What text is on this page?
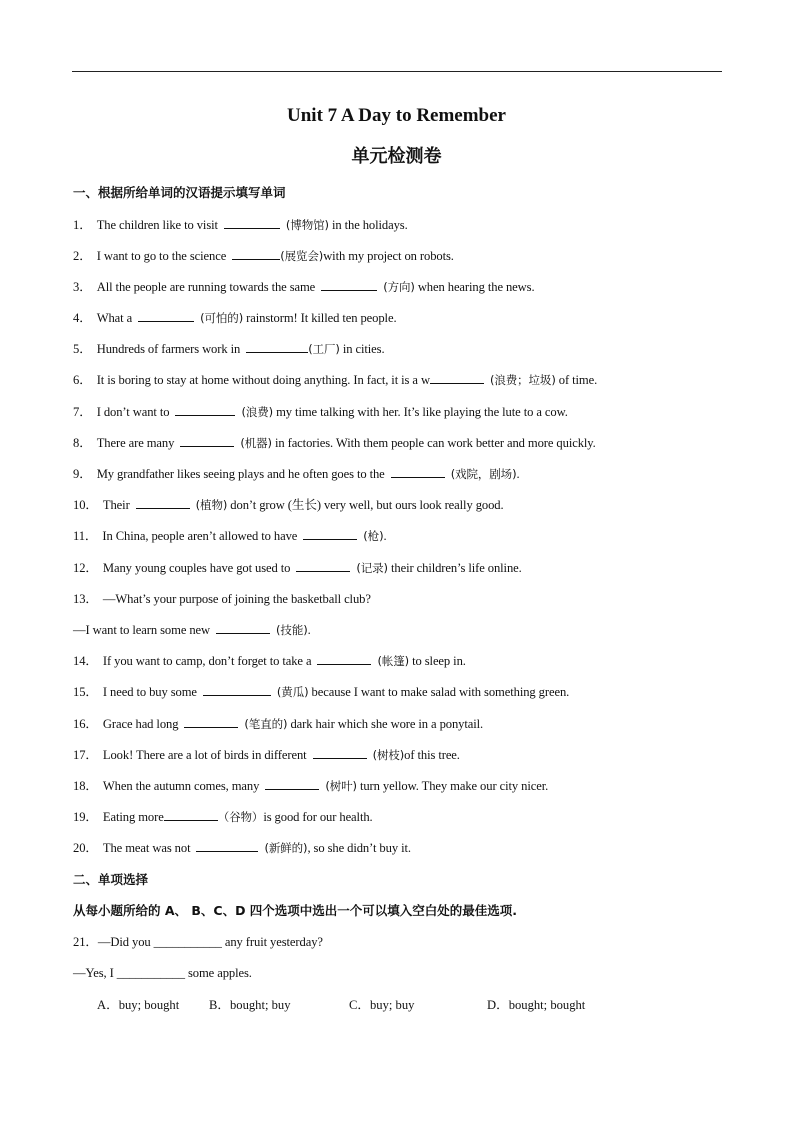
Unit 7 A Day to Remember
单元检测卷
一、根据所给单词的汉语提示填写单词
1． The children like to visit	(博物馆) in the holidays.
2． I want to go to the science	(展览会)with my project on robots.
3． All the people are running towards the same	(方向) when hearing the news.
4． What a	(可怕的) rainstorm! It killed ten people.
5． Hundreds of farmers work in	(工厂) in cities.
6． It is boring to stay at home without doing anything. In fact, it is a w	(浪费；垃圾) of time.
7． I don’t want to	(浪费) my time talking with her. It’s like playing the lute to a cow.
8． There are many	(机器) in factories. With them people can work better and more quickly.
9． My grandfather likes seeing plays and he often goes to the	(戏院，剧场).
10． Their	(植物) don’t grow (生长) very well, but ours look really good.
11． In China, people aren’t allowed to have	(枪).
12． Many young couples have got used to	(记录) their children’s life online.
13． —What’s your purpose of joining the basketball club?
—I want to learn some new	(技能).
14． If you want to camp, don’t forget to take a	(帐篷) to sleep in.
15． I need to buy some	(黄瓜) because I want to make salad with something green.
16． Grace had long	(笔直的) dark hair which she wore in a ponytail.
17． Look! There are a lot of birds in different	(树枝)of this tree.
18． When the autumn comes, many	(树叶) turn yellow. They make our city nicer.
19． Eating more	（谷物）is good for our health.
20． The meat was not	(新鲜的), so she didn’t buy it.
二、单项选择
从每小题所给的 A、 B、C、D 四个选项中选出一个可以填入空白处的最佳选项.
21．—Did you ___________ any fruit yesterday?
—Yes, I ___________ some apples.
A．buy; bought B．bought; buy	C．buy; buy	D．bought; bought
